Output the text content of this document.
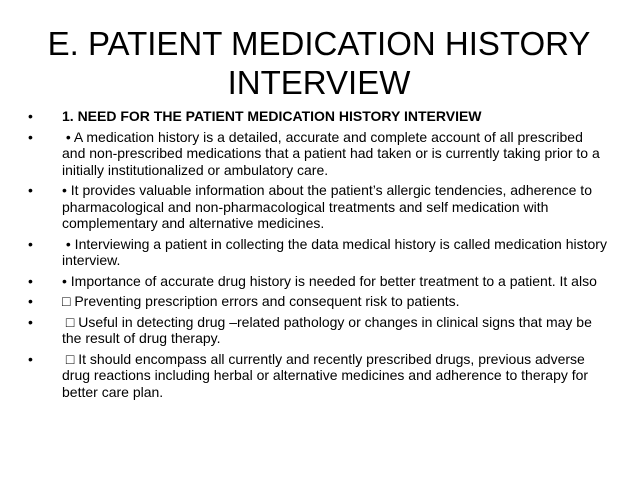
E. PATIENT MEDICATION HISTORY
INTERVIEW
•	1. NEED FOR THE PATIENT MEDICATION HISTORY INTERVIEW
•	• A medication history is a detailed, accurate and complete account of all prescribed and non-prescribed medications that a patient had taken or is currently taking prior to a initially institutionalized or ambulatory care.
•	• It provides valuable information about the patient’s allergic tendencies, adherence to pharmacological and non-pharmacological treatments and self medication with complementary and alternative medicines.
•	• Interviewing a patient in collecting the data medical history is called medication history interview.
•	• Importance of accurate drug history is needed for better treatment to a patient. It also
•	□ Preventing prescription errors and consequent risk to patients.
•	□ Useful in detecting drug –related pathology or changes in clinical signs that may be the result of drug therapy.
•	□ It should encompass all currently and recently prescribed drugs, previous adverse drug reactions including herbal or alternative medicines and adherence to therapy for better care plan.
